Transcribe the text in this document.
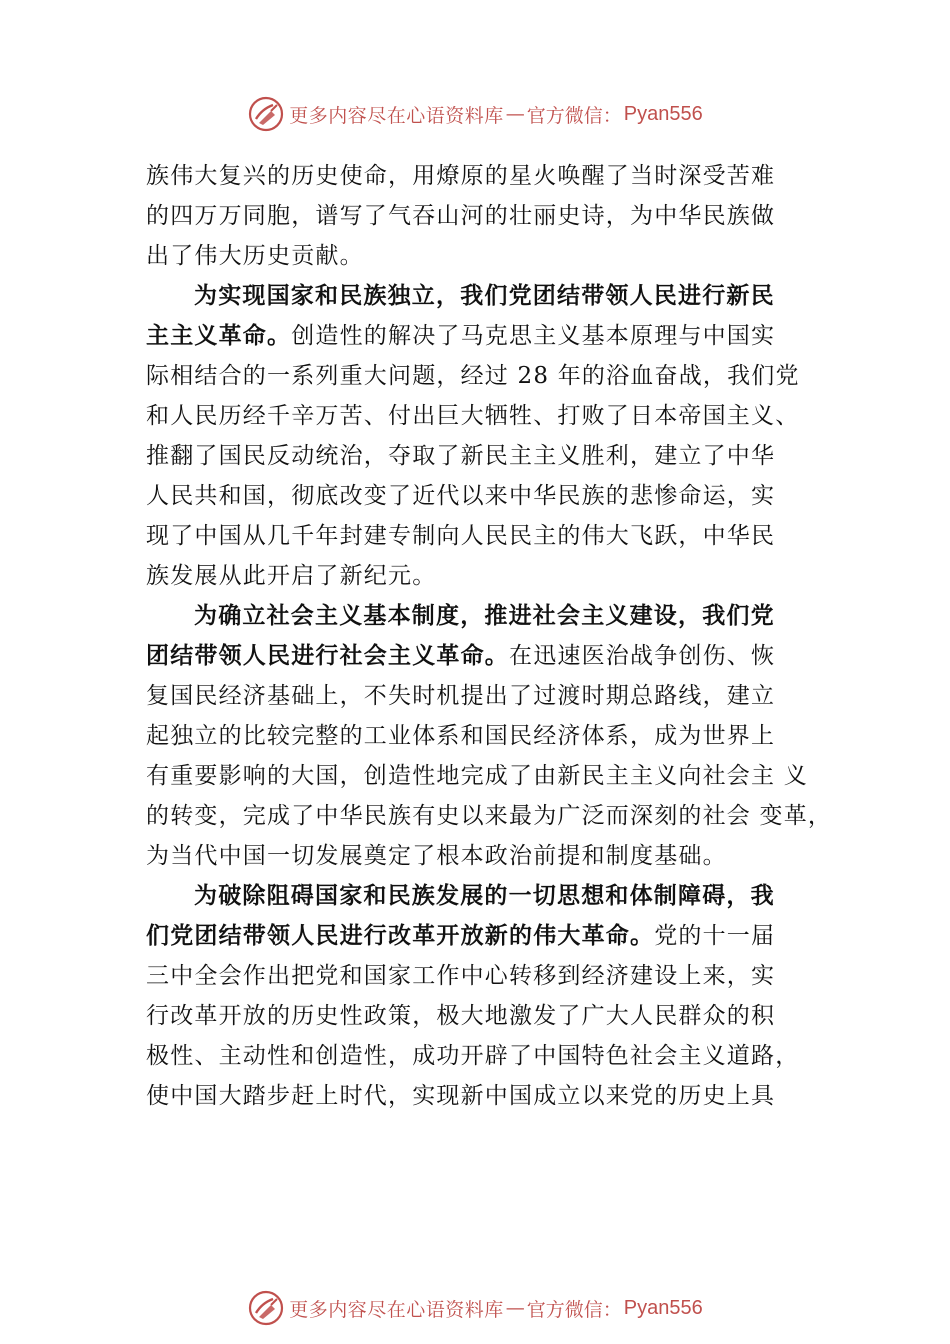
更多内容尽在心语资料库 — 官方微信： Pyan556
族伟大复兴的历史使命，用燎原的星火唤醒了当时深受苦难
的四万万同胞，谱写了气吞山河的壮丽史诗，为中华民族做
出了伟大历史贡献。
为实现国家和民族独立，我们党团结带领人民进行新民
主主义革命。创造性的解决了马克思主义基本原理与中国实
际相结合的一系列重大问题，经过 28 年的浴血奋战，我们党
和人民历经千辛万苦、付出巨大牺牲、打败了日本帝国主义、
推翻了国民反动统治，夺取了新民主主义胜利，建立了中华
人民共和国，彻底改变了近代以来中华民族的悲惨命运，实
现了中国从几千年封建专制向人民民主的伟大飞跃，中华民
族发展从此开启了新纪元。
为确立社会主义基本制度，推进社会主义建设，我们党
团结带领人民进行社会主义革命。在迅速医治战争创伤、恢
复国民经济基础上，不失时机提出了过渡时期总路线，建立
起独立的比较完整的工业体系和国民经济体系，成为世界上
有重要影响的大国，创造性地完成了由新民主主义向社会主 义
的转变，完成了中华民族有史以来最为广泛而深刻的社会 变革，
为当代中国一切发展奠定了根本政治前提和制度基础。
为破除阻碍国家和民族发展的一切思想和体制障碍，我
们党团结带领人民进行改革开放新的伟大革命。党的十一届
三中全会作出把党和国家工作中心转移到经济建设上来，实
行改革开放的历史性政策，极大地激发了广大人民群众的积
极性、主动性和创造性，成功开辟了中国特色社会主义道路，
使中国大踏步赶上时代，实现新中国成立以来党的历史上具
更多内容尽在心语资料库 — 官方微信： Pyan556
